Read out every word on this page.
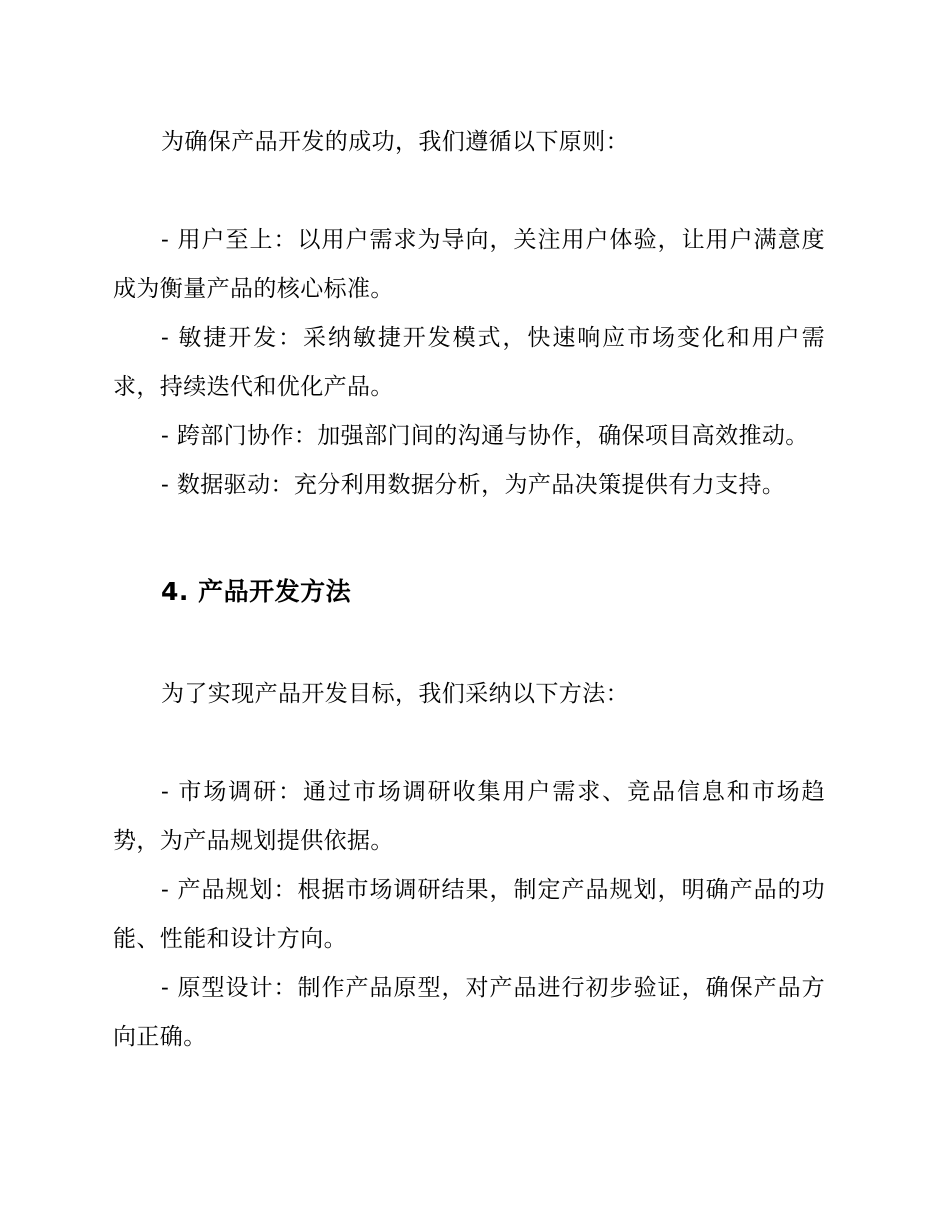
为确保产品开发的成功，我们遵循以下原则：

- 用户至上：以用户需求为导向，关注用户体验，让用户满意度成为衡量产品的核心标准。

- 敏捷开发：采纳敏捷开发模式，快速响应市场变化和用户需求，持续迭代和优化产品。

- 跨部门协作：加强部门间的沟通与协作，确保项目高效推动。

- 数据驱动：充分利用数据分析，为产品决策提供有力支持。

4. 产品开发方法

为了实现产品开发目标，我们采纳以下方法：

- 市场调研：通过市场调研收集用户需求、竞品信息和市场趋势，为产品规划提供依据。

- 产品规划：根据市场调研结果，制定产品规划，明确产品的功能、性能和设计方向。

- 原型设计：制作产品原型，对产品进行初步验证，确保产品方向正确。
